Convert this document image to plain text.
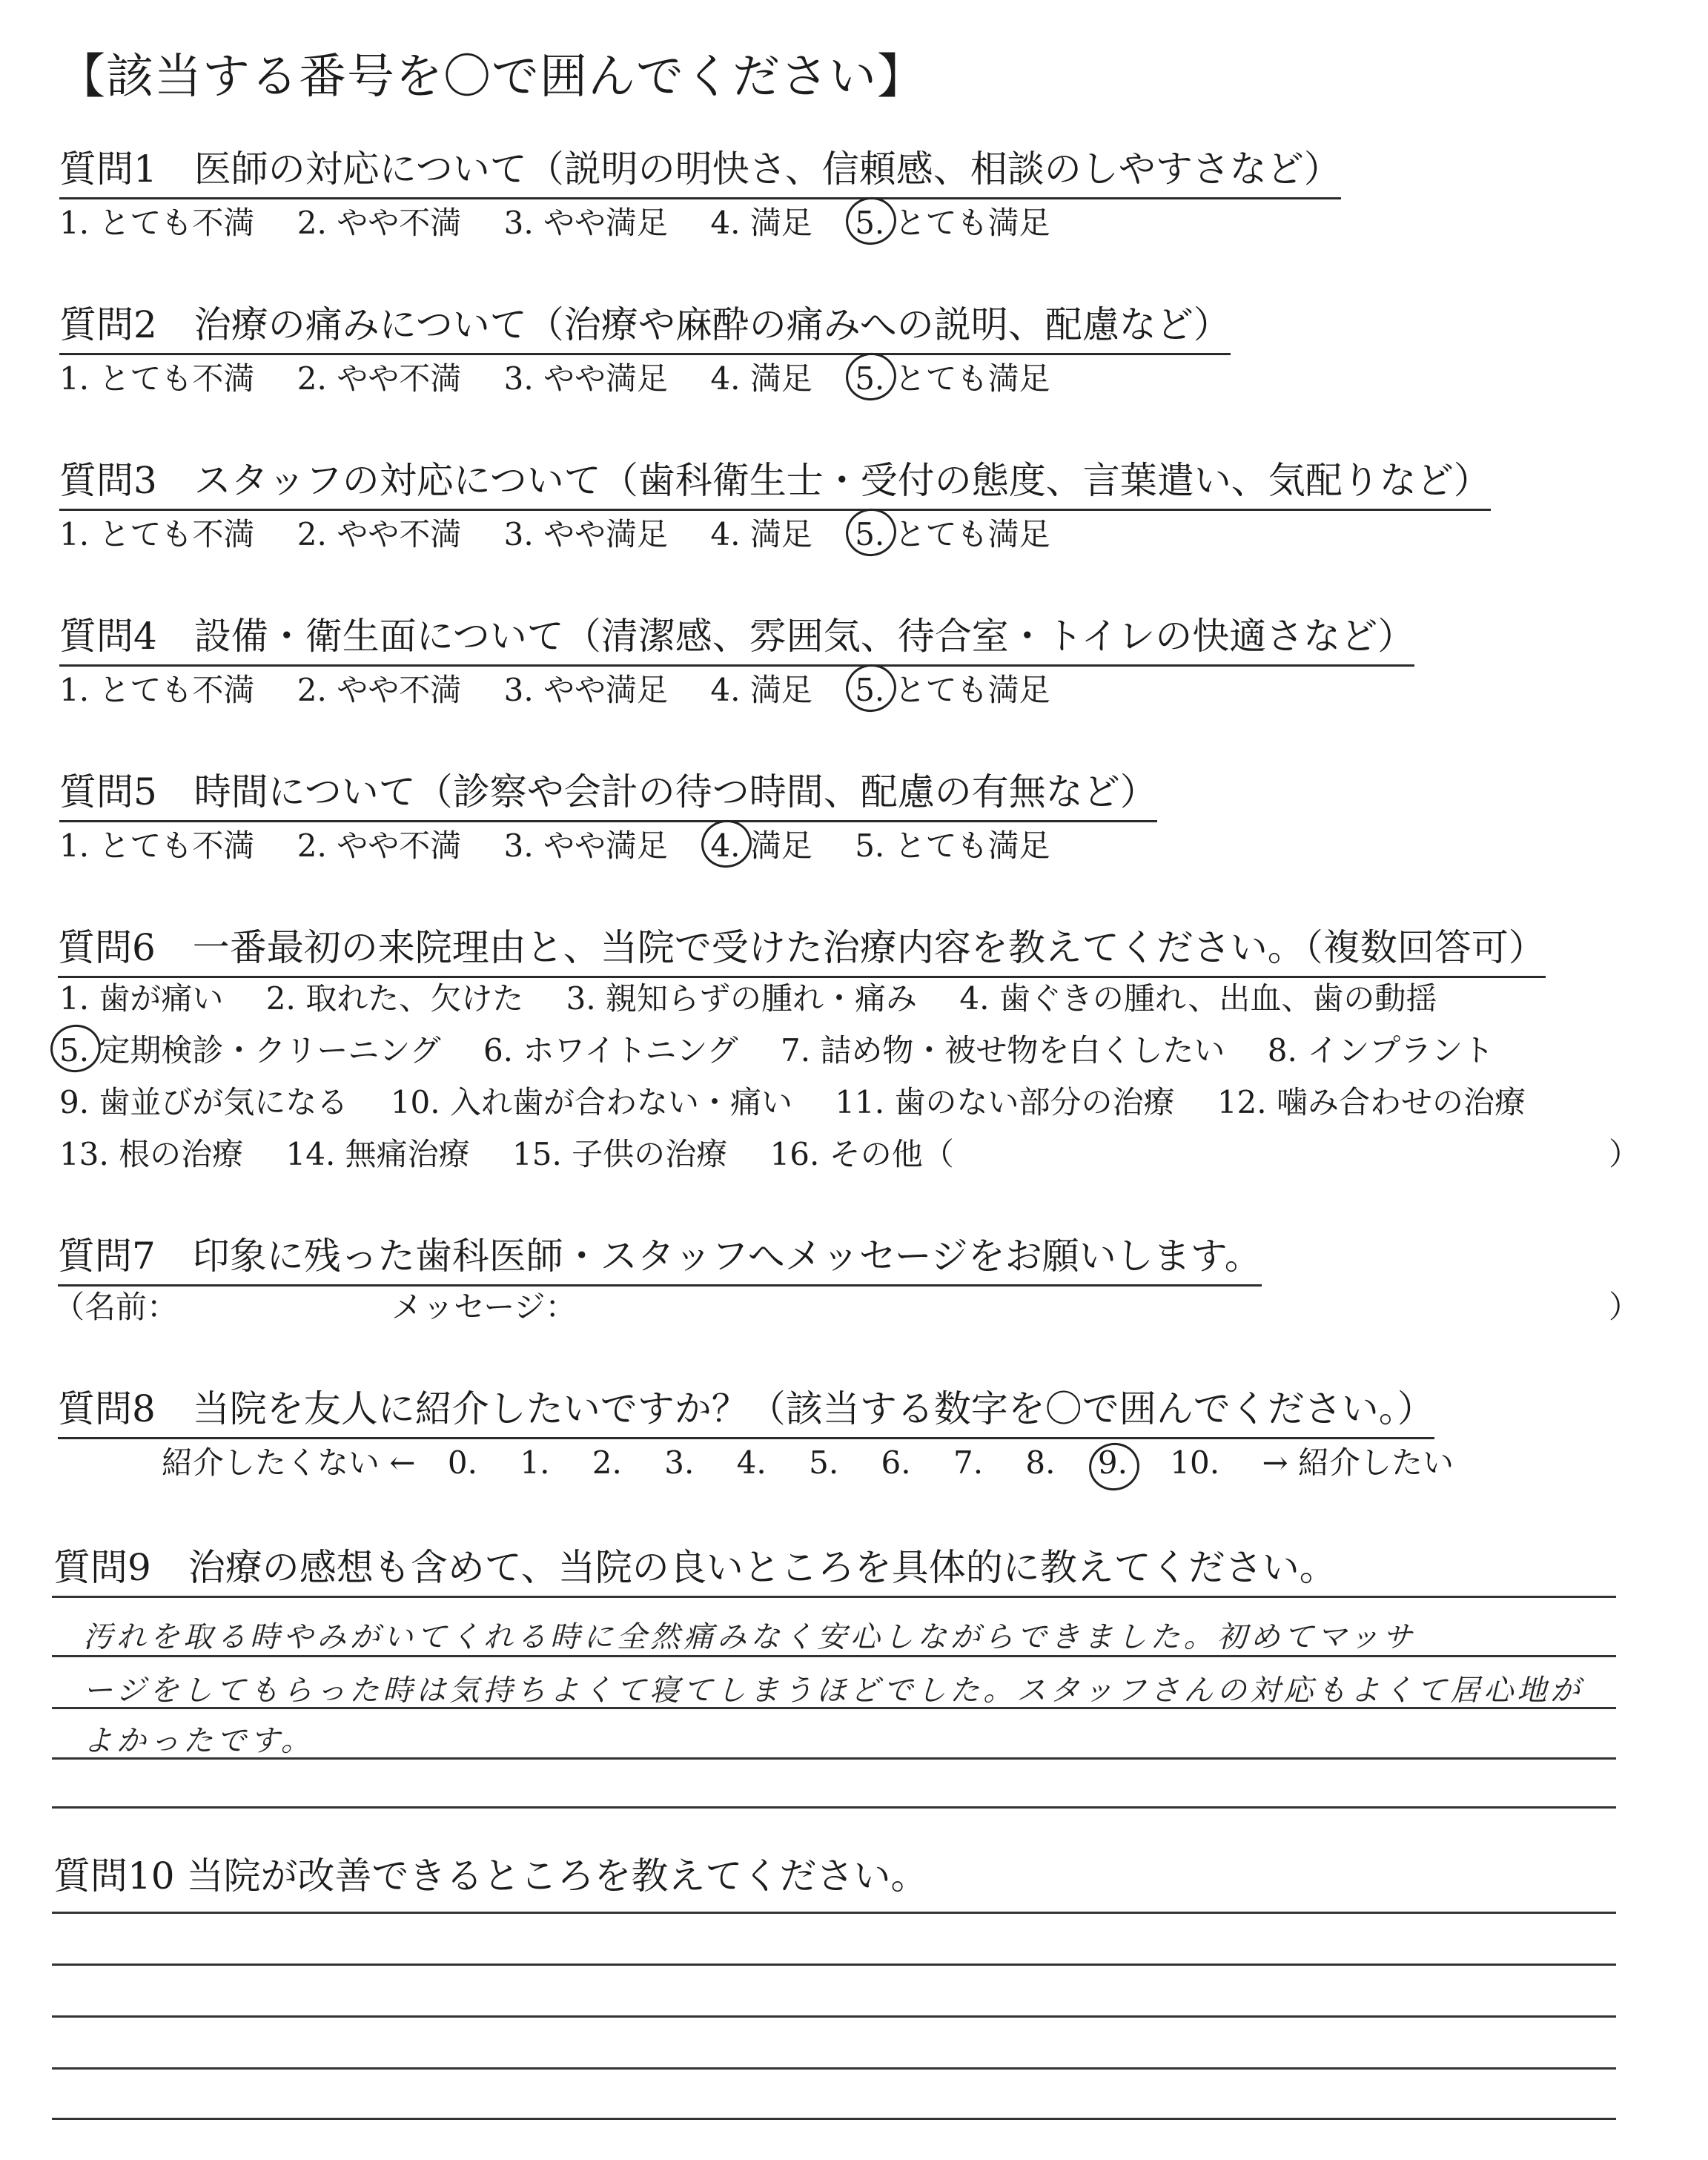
【該当する番号を〇で囲んでください】
質問1　医師の対応について（説明の明快さ、信頼感、相談のしやすさなど）
1. とても不満 2. やや不満 3. やや満足 4. 満足 5. とても満足
質問2　治療の痛みについて（治療や麻酔の痛みへの説明、配慮など）
1. とても不満 2. やや不満 3. やや満足 4. 満足 5. とても満足
質問3　スタッフの対応について（歯科衛生士・受付の態度、言葉遣い、気配りなど）
1. とても不満 2. やや不満 3. やや満足 4. 満足 5. とても満足
質問4　設備・衛生面について（清潔感、雰囲気、待合室・トイレの快適さなど）
1. とても不満 2. やや不満 3. やや満足 4. 満足 5. とても満足
質問5　時間について（診察や会計の待つ時間、配慮の有無など）
1. とても不満 2. やや不満 3. やや満足 4. 満足 5. とても満足
質問6　一番最初の来院理由と、当院で受けた治療内容を教えてください。（複数回答可）
1. 歯が痛い 2. 取れた、欠けた 3. 親知らずの腫れ・痛み 4. 歯ぐきの腫れ、出血、歯の動揺
5. 定期検診・クリーニング 6. ホワイトニング 7. 詰め物・被せ物を白くしたい 8. インプラント
9. 歯並びが気になる 10. 入れ歯が合わない・痛い 11. 歯のない部分の治療 12. 噛み合わせの治療
13. 根の治療 14. 無痛治療 15. 子供の治療 16. その他（	）
質問7　印象に残った歯科医師・スタッフへメッセージをお願いします。
（名前：	メッセージ：	）
質問8　当院を友人に紹介したいですか？（該当する数字を〇で囲んでください。）
紹介したくない ← 0. 1. 2. 3. 4. 5. 6. 7. 8. 9. 10. → 紹介したい
質問9　治療の感想も含めて、当院の良いところを具体的に教えてください。
汚れを取る時やみがいてくれる時に全然痛みなく安心しながらできました。初めてマッサ
ージをしてもらった時は気持ちよくて寝てしまうほどでした。スタッフさんの対応もよくて居心地が
よかったです。
質問10 当院が改善できるところを教えてください。
